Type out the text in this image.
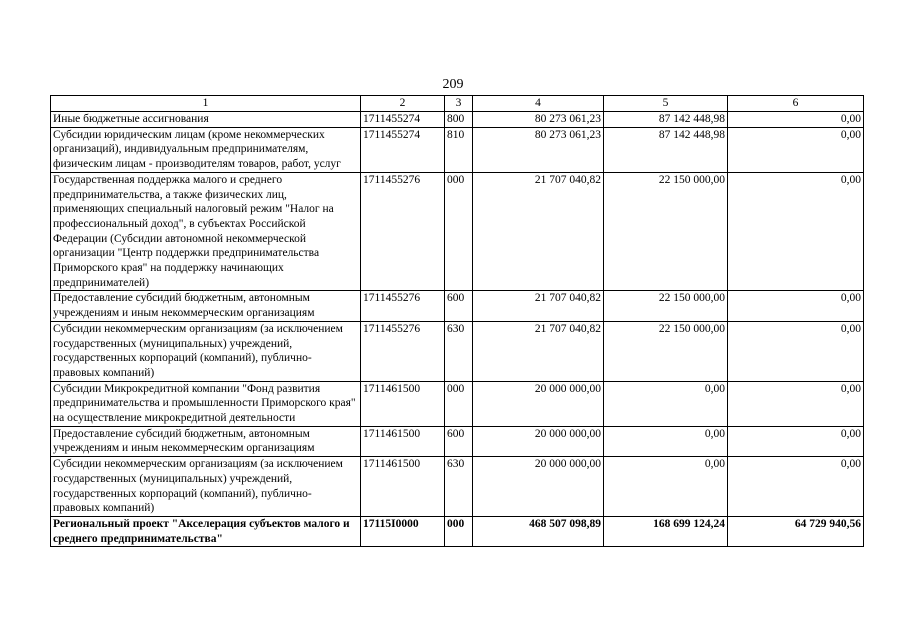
209
1	2	3	4	5	6
Иные бюджетные ассигнования	1711455274	800	80 273 061,23	87 142 448,98	0,00
Субсидии юридическим лицам (кроме некоммерческих организаций), индивидуальным предпринимателям, физическим лицам - производителям товаров, работ, услуг	1711455274	810	80 273 061,23	87 142 448,98	0,00
Государственная поддержка малого и среднего предпринимательства, а также физических лиц, применяющих специальный налоговый режим "Налог на профессиональный доход", в субъектах Российской Федерации (Субсидии автономной некоммерческой организации "Центр поддержки предпринимательства Приморского края" на поддержку начинающих предпринимателей)	1711455276	000	21 707 040,82	22 150 000,00	0,00
Предоставление субсидий бюджетным, автономным учреждениям и иным некоммерческим организациям	1711455276	600	21 707 040,82	22 150 000,00	0,00
Субсидии некоммерческим организациям (за исключением государственных (муниципальных) учреждений, государственных корпораций (компаний), публично-правовых компаний)	1711455276	630	21 707 040,82	22 150 000,00	0,00
Субсидии Микрокредитной компании "Фонд развития предпринимательства и промышленности Приморского края" на осуществление микрокредитной деятельности	1711461500	000	20 000 000,00	0,00	0,00
Предоставление субсидий бюджетным, автономным учреждениям и иным некоммерческим организациям	1711461500	600	20 000 000,00	0,00	0,00
Субсидии некоммерческим организациям (за исключением государственных (муниципальных) учреждений, государственных корпораций (компаний), публично-правовых компаний)	1711461500	630	20 000 000,00	0,00	0,00
Региональный проект "Акселерация субъектов малого и среднего предпринимательства"	17115I0000	000	468 507 098,89	168 699 124,24	64 729 940,56
